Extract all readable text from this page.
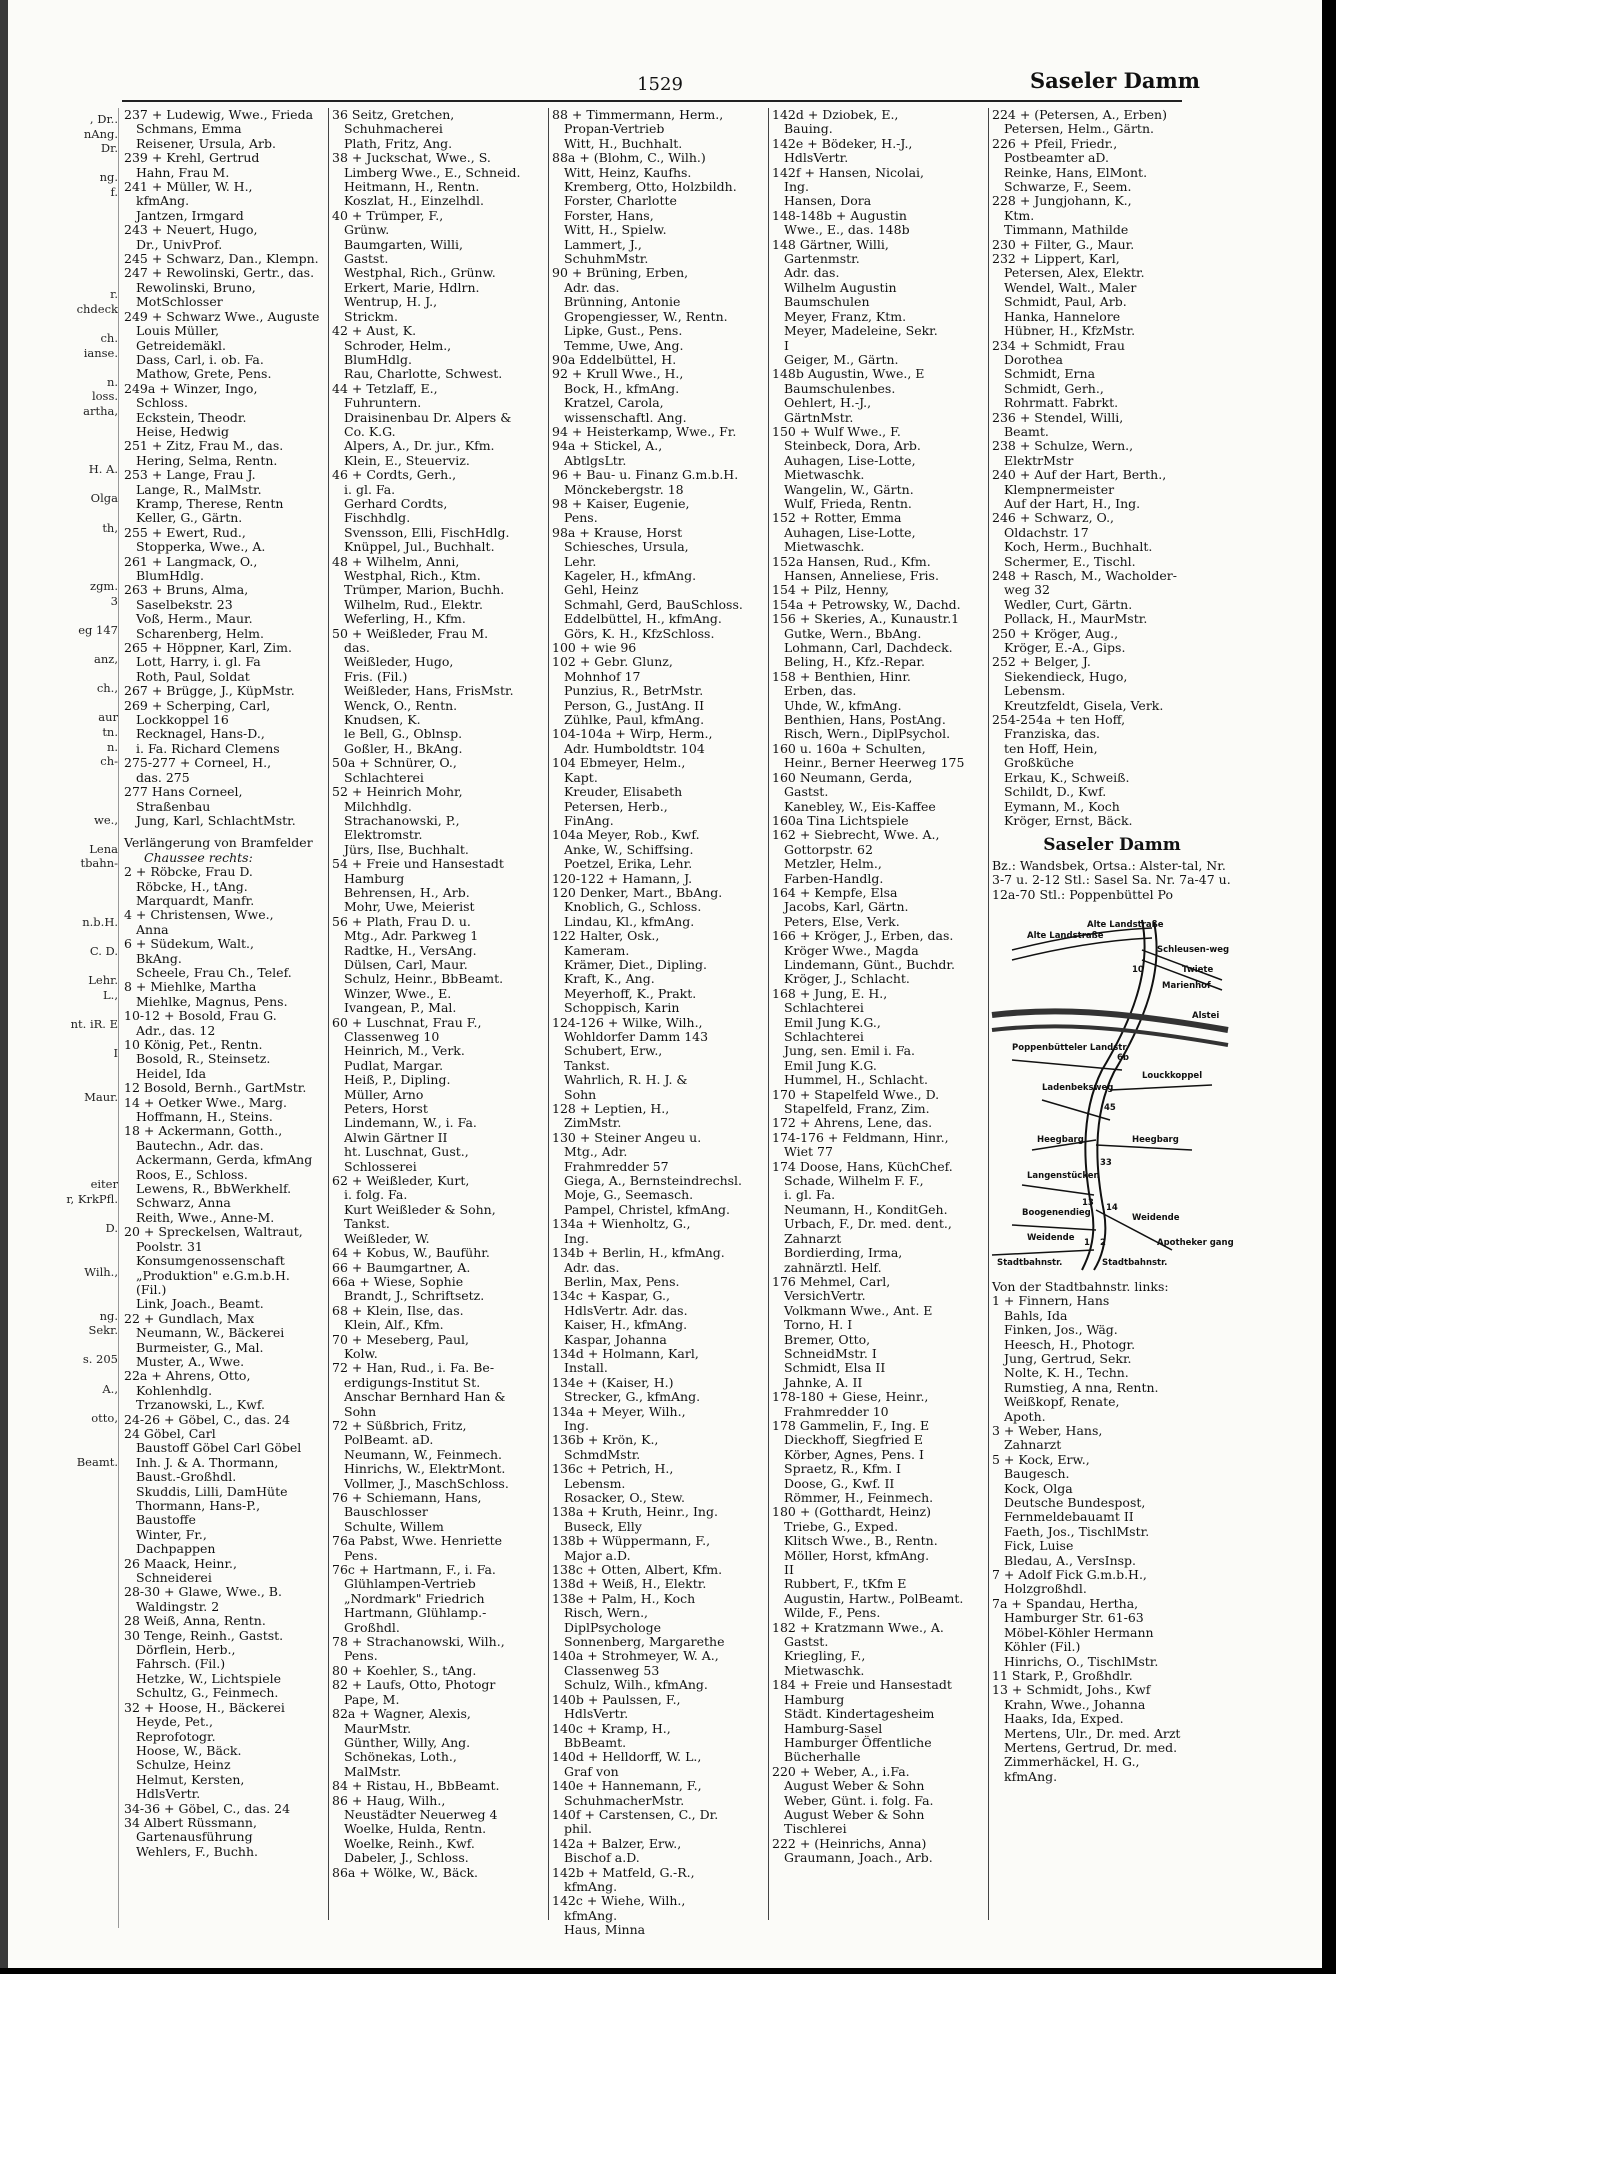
, Dr..
nAng.
Dr.
ng.
f.
r.
chdeck
ch.
ianse.
n.
loss.
artha,
H. A.
Olga
th,
zgm.
3
eg 147
anz,
ch.,
aur
tn.
n.
ch-
we.,
Lena
tbahn-
n.b.H.
C. D.
Lehr.
L.,
nt. iR. E
I
Maur.
eiter
r, KrkPfl.
D.
Wilh.,
ng.
Sekr.
s. 205
A.,
otto,
Beamt.
1529	Saseler Damm
237 + Ludewig, Wwe., Frieda
Schmans, Emma
Reisener, Ursula, Arb.
239 + Krehl, Gertrud
Hahn, Frau M.
241 + Müller, W. H.,
kfmAng.
Jantzen, Irmgard
243 + Neuert, Hugo,
Dr., UnivProf.
245 + Schwarz, Dan., Klempn.
247 + Rewolinski, Gertr., das.
Rewolinski, Bruno,
MotSchlosser
249 + Schwarz Wwe., Auguste
Louis Müller,
Getreidemäkl.
Dass, Carl, i. ob. Fa.
Mathow, Grete, Pens.
249a + Winzer, Ingo,
Schloss.
Eckstein, Theodr.
Heise, Hedwig
251 + Zitz, Frau M., das.
Hering, Selma, Rentn.
253 + Lange, Frau J.
Lange, R., MalMstr.
Kramp, Therese, Rentn
Keller, G., Gärtn.
255 + Ewert, Rud.,
Stopperka, Wwe., A.
261 + Langmack, O.,
BlumHdlg.
263 + Bruns, Alma,
Saselbekstr. 23
Voß, Herm., Maur.
Scharenberg, Helm.
265 + Höppner, Karl, Zim.
Lott, Harry, i. gl. Fa
Roth, Paul, Soldat
267 + Brügge, J., KüpMstr.
269 + Scherping, Carl,
Lockkoppel 16
Recknagel, Hans-D.,
i. Fa. Richard Clemens
275-277 + Corneel, H.,
das. 275
277 Hans Corneel,
Straßenbau
Jung, Karl, SchlachtMstr.
Verlängerung von Bramfelder
Chaussee rechts:
2 + Röbcke, Frau D.
Röbcke, H., tAng.
Marquardt, Manfr.
4 + Christensen, Wwe.,
Anna
6 + Südekum, Walt.,
BkAng.
Scheele, Frau Ch., Telef.
8 + Miehlke, Martha
Miehlke, Magnus, Pens.
10-12 + Bosold, Frau G.
Adr., das. 12
10 König, Pet., Rentn.
Bosold, R., Steinsetz.
Heidel, Ida
12 Bosold, Bernh., GartMstr.
14 + Oetker Wwe., Marg.
Hoffmann, H., Steins.
18 + Ackermann, Gotth.,
Bautechn., Adr. das.
Ackermann, Gerda, kfmAng
Roos, E., Schloss.
Lewens, R., BbWerkhelf.
Schwarz, Anna
Reith, Wwe., Anne-M.
20 + Spreckelsen, Waltraut,
Poolstr. 31
Konsumgenossenschaft
„Produktion" e.G.m.b.H.
(Fil.)
Link, Joach., Beamt.
22 + Gundlach, Max
Neumann, W., Bäckerei
Burmeister, G., Mal.
Muster, A., Wwe.
22a + Ahrens, Otto,
Kohlenhdlg.
Trzanowski, L., Kwf.
24-26 + Göbel, C., das. 24
24 Göbel, Carl
Baustoff Göbel Carl Göbel
Inh. J. & A. Thormann,
Baust.-Großhdl.
Skuddis, Lilli, DamHüte
Thormann, Hans-P.,
Baustoffe
Winter, Fr.,
Dachpappen
26 Maack, Heinr.,
Schneiderei
28-30 + Glawe, Wwe., B.
Waldingstr. 2
28 Weiß, Anna, Rentn.
30 Tenge, Reinh., Gastst.
Dörflein, Herb.,
Fahrsch. (Fil.)
Hetzke, W., Lichtspiele
Schultz, G., Feinmech.
32 + Hoose, H., Bäckerei
Heyde, Pet.,
Reprofotogr.
Hoose, W., Bäck.
Schulze, Heinz
Helmut, Kersten,
HdlsVertr.
34-36 + Göbel, C., das. 24
34 Albert Rüssmann,
Gartenausführung
Wehlers, F., Buchh.
36 Seitz, Gretchen,
Schuhmacherei
Plath, Fritz, Ang.
38 + Juckschat, Wwe., S.
Limberg Wwe., E., Schneid.
Heitmann, H., Rentn.
Koszlat, H., Einzelhdl.
40 + Trümper, F.,
Grünw.
Baumgarten, Willi,
Gastst.
Westphal, Rich., Grünw.
Erkert, Marie, Hdlrn.
Wentrup, H. J.,
Strickm.
42 + Aust, K.
Schroder, Helm.,
BlumHdlg.
Rau, Charlotte, Schwest.
44 + Tetzlaff, E.,
Fuhruntern.
Draisinenbau Dr. Alpers &
Co. K.G.
Alpers, A., Dr. jur., Kfm.
Klein, E., Steuerviz.
46 + Cordts, Gerh.,
i. gl. Fa.
Gerhard Cordts,
Fischhdlg.
Svensson, Elli, FischHdlg.
Knüppel, Jul., Buchhalt.
48 + Wilhelm, Anni,
Westphal, Rich., Ktm.
Trümper, Marion, Buchh.
Wilhelm, Rud., Elektr.
Weferling, H., Kfm.
50 + Weißleder, Frau M.
das.
Weißleder, Hugo,
Fris. (Fil.)
Weißleder, Hans, FrisMstr.
Wenck, O., Rentn.
Knudsen, K.
le Bell, G., Oblnsp.
Goßler, H., BkAng.
50a + Schnürer, O.,
Schlachterei
52 + Heinrich Mohr,
Milchhdlg.
Strachanowski, P.,
Elektromstr.
Jürs, Ilse, Buchhalt.
54 + Freie und Hansestadt
Hamburg
Behrensen, H., Arb.
Mohr, Uwe, Meierist
56 + Plath, Frau D. u.
Mtg., Adr. Parkweg 1
Radtke, H., VersAng.
Dülsen, Carl, Maur.
Schulz, Heinr., BbBeamt.
Winzer, Wwe., E.
Ivangean, P., Mal.
60 + Luschnat, Frau F.,
Classenweg 10
Heinrich, M., Verk.
Pudlat, Margar.
Heiß, P., Dipling.
Müller, Arno
Peters, Horst
Lindemann, W., i. Fa.
Alwin Gärtner II
ht. Luschnat, Gust.,
Schlosserei
62 + Weißleder, Kurt,
i. folg. Fa.
Kurt Weißleder & Sohn,
Tankst.
Weißleder, W.
64 + Kobus, W., Bauführ.
66 + Baumgartner, A.
66a + Wiese, Sophie
Brandt, J., Schriftsetz.
68 + Klein, Ilse, das.
Klein, Alf., Kfm.
70 + Meseberg, Paul,
Kolw.
72 + Han, Rud., i. Fa. Be-
erdigungs-Institut St.
Anschar Bernhard Han &
Sohn
72 + Süßbrich, Fritz,
PolBeamt. aD.
Neumann, W., Feinmech.
Hinrichs, W., ElektrMont.
Vollmer, J., MaschSchloss.
76 + Schiemann, Hans,
Bauschlosser
Schulte, Willem
76a Pabst, Wwe. Henriette
Pens.
76c + Hartmann, F., i. Fa.
Glühlampen-Vertrieb
„Nordmark" Friedrich
Hartmann, Glühlamp.-
Großhdl.
78 + Strachanowski, Wilh.,
Pens.
80 + Koehler, S., tAng.
82 + Laufs, Otto, Photogr
Pape, M.
82a + Wagner, Alexis,
MaurMstr.
Günther, Willy, Ang.
Schönekas, Loth.,
MalMstr.
84 + Ristau, H., BbBeamt.
86 + Haug, Wilh.,
Neustädter Neuerweg 4
Woelke, Hulda, Rentn.
Woelke, Reinh., Kwf.
Dabeler, J., Schloss.
86a + Wölke, W., Bäck.
88 + Timmermann, Herm.,
Propan-Vertrieb
Witt, H., Buchhalt.
88a + (Blohm, C., Wilh.)
Witt, Heinz, Kaufhs.
Kremberg, Otto, Holzbildh.
Forster, Charlotte
Forster, Hans,
Witt, H., Spielw.
Lammert, J.,
SchuhmMstr.
90 + Brüning, Erben,
Adr. das.
Brünning, Antonie
Gropengiesser, W., Rentn.
Lipke, Gust., Pens.
Temme, Uwe, Ang.
90a Eddelbüttel, H.
92 + Krull Wwe., H.,
Bock, H., kfmAng.
Kratzel, Carola,
wissenschaftl. Ang.
94 + Heisterkamp, Wwe., Fr.
94a + Stickel, A.,
AbtlgsLtr.
96 + Bau- u. Finanz G.m.b.H.
Mönckebergstr. 18
98 + Kaiser, Eugenie,
Pens.
98a + Krause, Horst
Schiesches, Ursula,
Lehr.
Kageler, H., kfmAng.
Gehl, Heinz
Schmahl, Gerd, BauSchloss.
Eddelbüttel, H., kfmAng.
Görs, K. H., KfzSchloss.
100 + wie 96
102 + Gebr. Glunz,
Mohnhof 17
Punzius, R., BetrMstr.
Person, G., JustAng. II
Zühlke, Paul, kfmAng.
104-104a + Wirp, Herm.,
Adr. Humboldtstr. 104
104 Ebmeyer, Helm.,
Kapt.
Kreuder, Elisabeth
Petersen, Herb.,
FinAng.
104a Meyer, Rob., Kwf.
Anke, W., Schiffsing.
Poetzel, Erika, Lehr.
120-122 + Hamann, J.
120 Denker, Mart., BbAng.
Knoblich, G., Schloss.
Lindau, Kl., kfmAng.
122 Halter, Osk.,
Kameram.
Krämer, Diet., Dipling.
Kraft, K., Ang.
Meyerhoff, K., Prakt.
Schoppisch, Karin
124-126 + Wilke, Wilh.,
Wohldorfer Damm 143
Schubert, Erw.,
Tankst.
Wahrlich, R. H. J. &
Sohn
128 + Leptien, H.,
ZimMstr.
130 + Steiner Angeu u.
Mtg., Adr.
Frahmredder 57
Giega, A., Bernsteindrechsl.
Moje, G., Seemasch.
Pampel, Christel, kfmAng.
134a + Wienholtz, G.,
Ing.
134b + Berlin, H., kfmAng.
Adr. das.
Berlin, Max, Pens.
134c + Kaspar, G.,
HdlsVertr. Adr. das.
Kaiser, H., kfmAng.
Kaspar, Johanna
134d + Holmann, Karl,
Install.
134e + (Kaiser, H.)
Strecker, G., kfmAng.
134a + Meyer, Wilh.,
Ing.
136b + Krön, K.,
SchmdMstr.
136c + Petrich, H.,
Lebensm.
Rosacker, O., Stew.
138a + Kruth, Heinr., Ing.
Buseck, Elly
138b + Wüppermann, F.,
Major a.D.
138c + Otten, Albert, Kfm.
138d + Weiß, H., Elektr.
138e + Palm, H., Koch
Risch, Wern.,
DiplPsychologe
Sonnenberg, Margarethe
140a + Strohmeyer, W. A.,
Classenweg 53
Schulz, Wilh., kfmAng.
140b + Paulssen, F.,
HdlsVertr.
140c + Kramp, H.,
BbBeamt.
140d + Helldorff, W. L.,
Graf von
140e + Hannemann, F.,
SchuhmacherMstr.
140f + Carstensen, C., Dr.
phil.
142a + Balzer, Erw.,
Bischof a.D.
142b + Matfeld, G.-R.,
kfmAng.
142c + Wiehe, Wilh.,
kfmAng.
Haus, Minna
142d + Dziobek, E.,
Bauing.
142e + Bödeker, H.-J.,
HdlsVertr.
142f + Hansen, Nicolai,
Ing.
Hansen, Dora
148-148b + Augustin
Wwe., E., das. 148b
148 Gärtner, Willi,
Gartenmstr.
Adr. das.
Wilhelm Augustin
Baumschulen
Meyer, Franz, Ktm.
Meyer, Madeleine, Sekr.
I
Geiger, M., Gärtn.
148b Augustin, Wwe., E
Baumschulenbes.
Oehlert, H.-J.,
GärtnMstr.
150 + Wulf Wwe., F.
Steinbeck, Dora, Arb.
Auhagen, Lise-Lotte,
Mietwaschk.
Wangelin, W., Gärtn.
Wulf, Frieda, Rentn.
152 + Rotter, Emma
Auhagen, Lise-Lotte,
Mietwaschk.
152a Hansen, Rud., Kfm.
Hansen, Anneliese, Fris.
154 + Pilz, Henny,
154a + Petrowsky, W., Dachd.
156 + Skeries, A., Kunaustr.1
Gutke, Wern., BbAng.
Lohmann, Carl, Dachdeck.
Beling, H., Kfz.-Repar.
158 + Benthien, Hinr.
Erben, das.
Uhde, W., kfmAng.
Benthien, Hans, PostAng.
Risch, Wern., DiplPsychol.
160 u. 160a + Schulten,
Heinr., Berner Heerweg 175
160 Neumann, Gerda,
Gastst.
Kanebley, W., Eis-Kaffee
160a Tina Lichtspiele
162 + Siebrecht, Wwe. A.,
Gottorpstr. 62
Metzler, Helm.,
Farben-Handlg.
164 + Kempfe, Elsa
Jacobs, Karl, Gärtn.
Peters, Else, Verk.
166 + Kröger, J., Erben, das.
Kröger Wwe., Magda
Lindemann, Günt., Buchdr.
Kröger, J., Schlacht.
168 + Jung, E. H.,
Schlachterei
Emil Jung K.G.,
Schlachterei
Jung, sen. Emil i. Fa.
Emil Jung K.G.
Hummel, H., Schlacht.
170 + Stapelfeld Wwe., D.
Stapelfeld, Franz, Zim.
172 + Ahrens, Lene, das.
174-176 + Feldmann, Hinr.,
Wiet 77
174 Doose, Hans, KüchChef.
Schade, Wilhelm F. F.,
i. gl. Fa.
Neumann, H., KonditGeh.
Urbach, F., Dr. med. dent.,
Zahnarzt
Bordierding, Irma,
zahnärztl. Helf.
176 Mehmel, Carl,
VersichVertr.
Volkmann Wwe., Ant. E
Torno, H. I
Bremer, Otto,
SchneidMstr. I
Schmidt, Elsa II
Jahnke, A. II
178-180 + Giese, Heinr.,
Frahmredder 10
178 Gammelin, F., Ing. E
Dieckhoff, Siegfried E
Körber, Agnes, Pens. I
Spraetz, R., Kfm. I
Doose, G., Kwf. II
Römmer, H., Feinmech.
180 + (Gotthardt, Heinz)
Triebe, G., Exped.
Klitsch Wwe., B., Rentn.
Möller, Horst, kfmAng.
II
Rubbert, F., tKfm E
Augustin, Hartw., PolBeamt.
Wilde, F., Pens.
182 + Kratzmann Wwe., A.
Gastst.
Kriegling, F.,
Mietwaschk.
184 + Freie und Hansestadt
Hamburg
Städt. Kindertagesheim
Hamburg-Sasel
Hamburger Öffentliche
Bücherhalle
220 + Weber, A., i.Fa.
August Weber & Sohn
Weber, Günt. i. folg. Fa.
August Weber & Sohn
Tischlerei
222 + (Heinrichs, Anna)
Graumann, Joach., Arb.
224 + (Petersen, A., Erben)
Petersen, Helm., Gärtn.
226 + Pfeil, Friedr.,
Postbeamter aD.
Reinke, Hans, ElMont.
Schwarze, F., Seem.
228 + Jungjohann, K.,
Ktm.
Timmann, Mathilde
230 + Filter, G., Maur.
232 + Lippert, Karl,
Petersen, Alex, Elektr.
Wendel, Walt., Maler
Schmidt, Paul, Arb.
Hanka, Hannelore
Hübner, H., KfzMstr.
234 + Schmidt, Frau
Dorothea
Schmidt, Erna
Schmidt, Gerh.,
Rohrmatt. Fabrkt.
236 + Stendel, Willi,
Beamt.
238 + Schulze, Wern.,
ElektrMstr
240 + Auf der Hart, Berth.,
Klempnermeister
Auf der Hart, H., Ing.
246 + Schwarz, O.,
Oldachstr. 17
Koch, Herm., Buchhalt.
Schermer, E., Tischl.
248 + Rasch, M., Wacholder-
weg 32
Wedler, Curt, Gärtn.
Pollack, H., MaurMstr.
250 + Kröger, Aug.,
Kröger, E.-A., Gips.
252 + Belger, J.
Siekendieck, Hugo,
Lebensm.
Kreutzfeldt, Gisela, Verk.
254-254a + ten Hoff,
Franziska, das.
ten Hoff, Hein,
Großküche
Erkau, K., Schweiß.
Schildt, D., Kwf.
Eymann, M., Koch
Kröger, Ernst, Bäck.
Saseler Damm
Bz.: Wandsbek, Ortsa.: Alster-tal, Nr. 3-7 u. 2-12 Stl.: Sasel Sa. Nr. 7a-47 u. 12a-70 Stl.: Poppenbüttel Po
Alte Landstraße
Alte Landstraße
Schleusen-weg
Twiete
Marienhof
Alstei
Poppenbütteler Landstr.
Ladenbeksweg
Louckkoppel
Heegbarg	Heegbarg
Langenstücken
Boogenendieg
Weidende
Weidende
Apotheker gang
Stadtbahnstr.	Stadtbahnstr.
10
6b
45
33
13 14
2
1
Von der Stadtbahnstr. links:
1 + Finnern, Hans
Bahls, Ida
Finken, Jos., Wäg.
Heesch, H., Photogr.
Jung, Gertrud, Sekr.
Nolte, K. H., Techn.
Rumstieg, A nna, Rentn.
Weißkopf, Renate,
Apoth.
3 + Weber, Hans,
Zahnarzt
5 + Kock, Erw.,
Baugesch.
Kock, Olga
Deutsche Bundespost,
Fernmeldebauamt II
Faeth, Jos., TischlMstr.
Fick, Luise
Bledau, A., VersInsp.
7 + Adolf Fick G.m.b.H.,
Holzgroßhdl.
7a + Spandau, Hertha,
Hamburger Str. 61-63
Möbel-Köhler Hermann
Köhler (Fil.)
Hinrichs, O., TischlMstr.
11 Stark, P., Großhdlr.
13 + Schmidt, Johs., Kwf
Krahn, Wwe., Johanna
Haaks, Ida, Exped.
Mertens, Ulr., Dr. med. Arzt
Mertens, Gertrud, Dr. med.
Zimmerhäckel, H. G.,
kfmAng.
